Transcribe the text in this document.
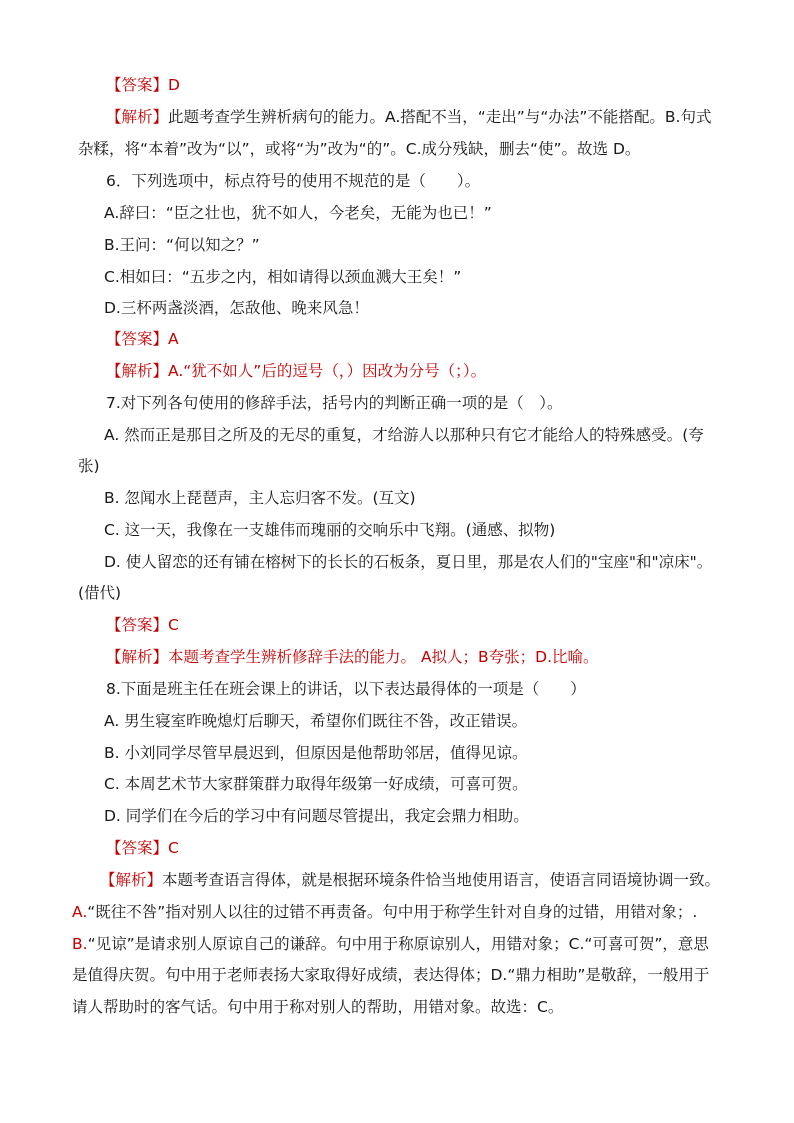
【答案】D
【解析】此题考查学生辨析病句的能力。A.搭配不当，“走出”与“办法”不能搭配。B.句式
杂糅，将“本着”改为“以”，或将“为”改为“的”。C.成分残缺，删去“使”。故选 D。
6．下列选项中，标点符号的使用不规范的是（　　）。
A.辞曰：“臣之壮也，犹不如人，今老矣，无能为也已！”
B.王问：“何以知之？”
C.相如曰：“五步之内，相如请得以颈血溅大王矣！”
D.三杯两盏淡酒，怎敌他、晚来风急！
【答案】A
【解析】A.“犹不如人”后的逗号（，）因改为分号（；）。
7.对下列各句使用的修辞手法，括号内的判断正确一项的是（　）。
A. 然而正是那目之所及的无尽的重复，才给游人以那种只有它才能给人的特殊感受。(夸
张)
B. 忽闻水上琵琶声，主人忘归客不发。(互文)
C. 这一天，我像在一支雄伟而瑰丽的交响乐中飞翔。(通感、拟物)
D. 使人留恋的还有铺在榕树下的长长的石板条，夏日里，那是农人们的"宝座"和"凉床"。
(借代)
【答案】C
【解析】本题考查学生辨析修辞手法的能力。 A拟人；B夸张；D.比喻。
8.下面是班主任在班会课上的讲话，以下表达最得体的一项是（　　）
A. 男生寝室昨晚熄灯后聊天，希望你们既往不咎，改正错误。
B. 小刘同学尽管早晨迟到，但原因是他帮助邻居，值得见谅。
C. 本周艺术节大家群策群力取得年级第一好成绩，可喜可贺。
D. 同学们在今后的学习中有问题尽管提出，我定会鼎力相助。
【答案】C
【解析】本题考查语言得体，就是根据环境条件恰当地使用语言，使语言同语境协调一致。
A.“既往不咎”指对别人以往的过错不再责备。句中用于称学生针对自身的过错，用错对象；.
B.“见谅”是请求别人原谅自己的谦辞。句中用于称原谅别人，用错对象；C.“可喜可贺”，意思
是值得庆贺。句中用于老师表扬大家取得好成绩，表达得体；D.“鼎力相助”是敬辞，一般用于
请人帮助时的客气话。句中用于称对别人的帮助，用错对象。故选：C。
